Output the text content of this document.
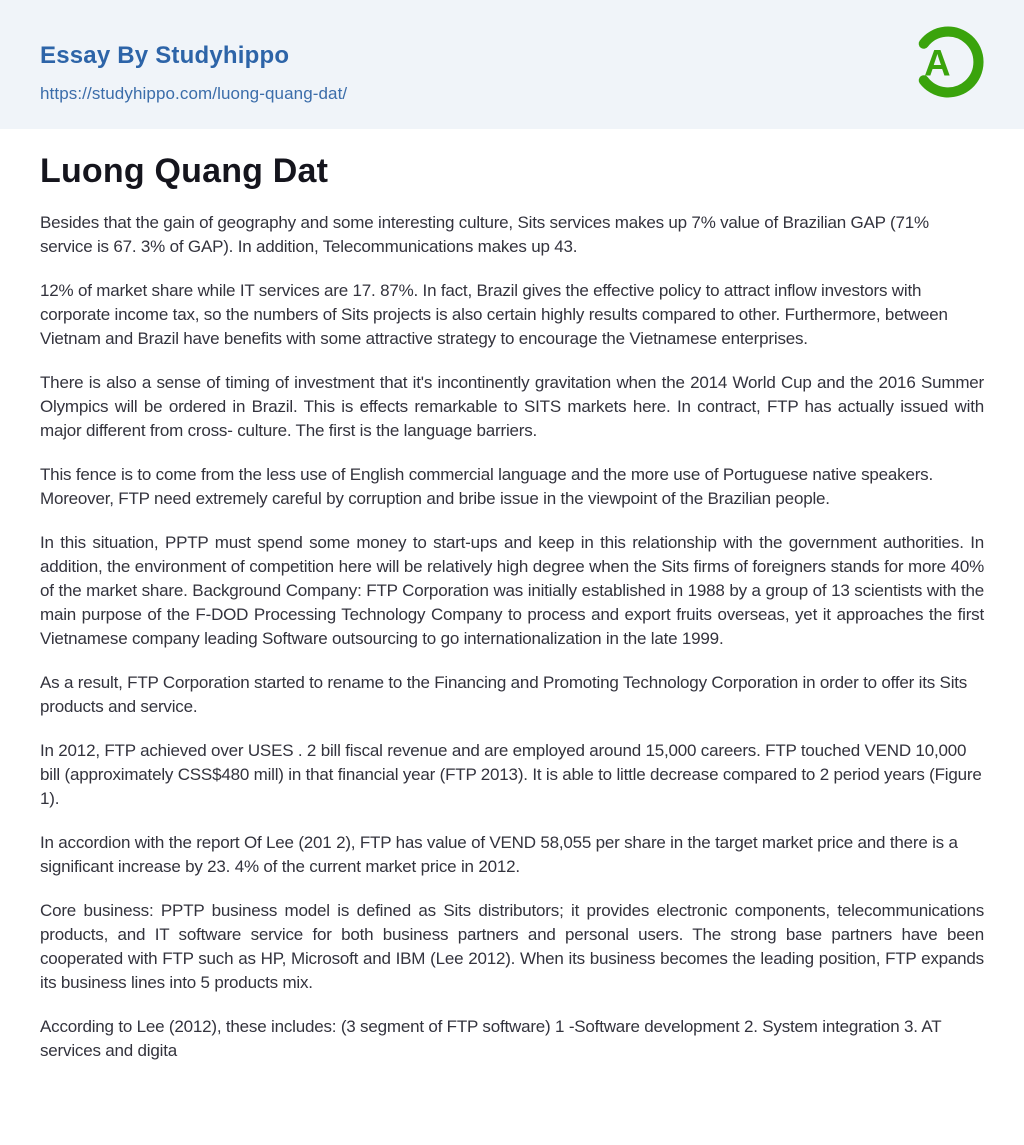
Essay By Studyhippo
https://studyhippo.com/luong-quang-dat/
A
Luong Quang Dat

Besides that the gain of geography and some interesting culture, Sits services makes up 7% value of Brazilian GAP (71% service is 67. 3% of GAP). In addition, Telecommunications makes up 43.

12% of market share while IT services are 17. 87%. In fact, Brazil gives the effective policy to attract inflow investors with corporate income tax, so the numbers of Sits projects is also certain highly results compared to other. Furthermore, between Vietnam and Brazil have benefits with some attractive strategy to encourage the Vietnamese enterprises.

There is also a sense of timing of investment that it's incontinently gravitation when the 2014 World Cup and the 2016 Summer Olympics will be ordered in Brazil. This is effects remarkable to SITS markets here. In contract, FTP has actually issued with major different from cross- culture. The first is the language barriers.

This fence is to come from the less use of English commercial language and the more use of Portuguese native speakers. Moreover, FTP need extremely careful by corruption and bribe issue in the viewpoint of the Brazilian people.

In this situation, PPTP must spend some money to start-ups and keep in this relationship with the government authorities. In addition, the environment of competition here will be relatively high degree when the Sits firms of foreigners stands for more 40% of the market share. Background Company: FTP Corporation was initially established in 1988 by a group of 13 scientists with the main purpose of the F-DOD Processing Technology Company to process and export fruits overseas, yet it approaches the first Vietnamese company leading Software outsourcing to go internationalization in the late 1999.

As a result, FTP Corporation started to rename to the Financing and Promoting Technology Corporation in order to offer its Sits products and service.

In 2012, FTP achieved over USES . 2 bill fiscal revenue and are employed around 15,000 careers. FTP touched VEND 10,000 bill (approximately CSS$480 mill) in that financial year (FTP 2013). It is able to little decrease compared to 2 period years (Figure 1).

In accordion with the report Of Lee (201 2), FTP has value of VEND 58,055 per share in the target market price and there is a significant increase by 23. 4% of the current market price in 2012.

Core business: PPTP business model is defined as Sits distributors; it provides electronic components, telecommunications products, and IT software service for both business partners and personal users. The strong base partners have been cooperated with FTP such as HP, Microsoft and IBM (Lee 2012). When its business becomes the leading position, FTP expands its business lines into 5 products mix.

According to Lee (2012), these includes: (3 segment of FTP software) 1 -Software development 2. System integration 3. AT services and digita
